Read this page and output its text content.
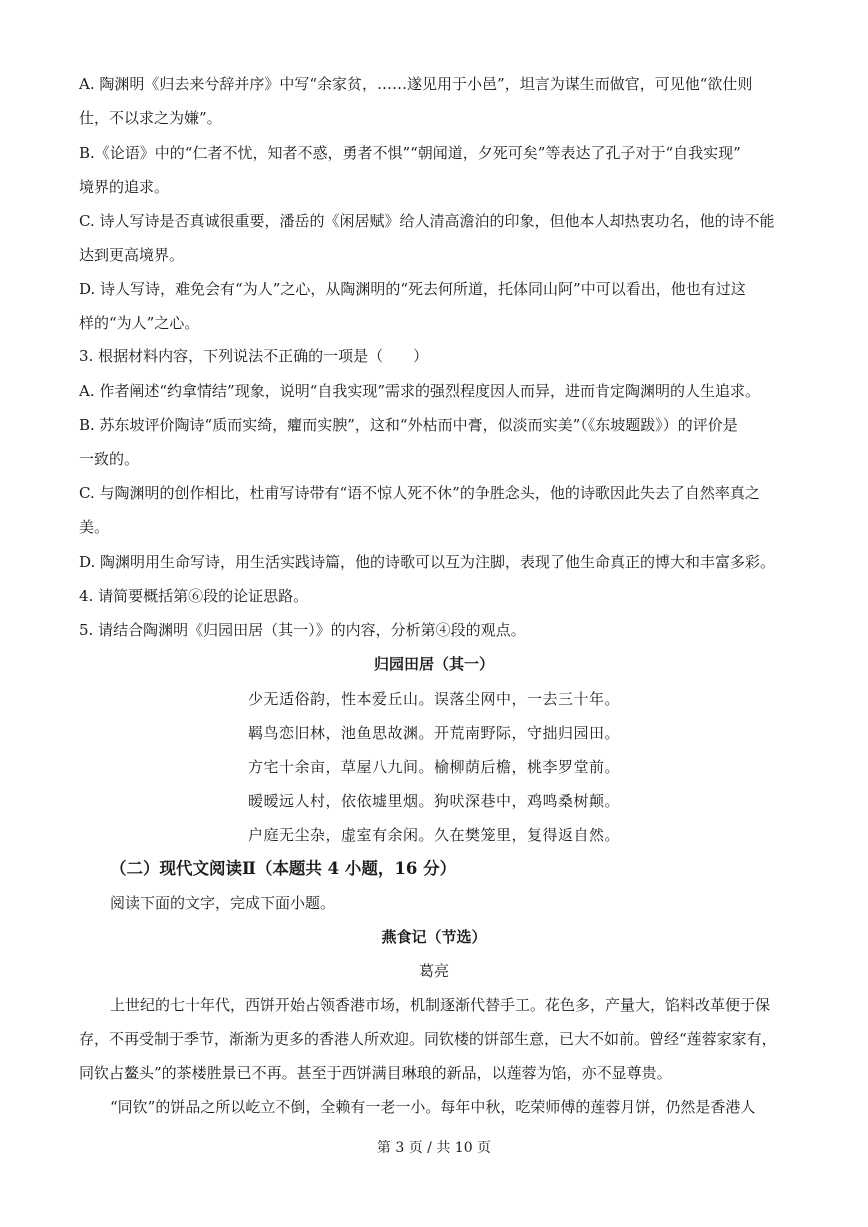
A. 陶渊明《归去来兮辞并序》中写“余家贫，……遂见用于小邑”，坦言为谋生而做官，可见他“欲仕则
仕，不以求之为嫌”。
B.《论语》中的“仁者不忧，知者不惑，勇者不惧”“朝闻道，夕死可矣”等表达了孔子对于“自我实现”
境界的追求。
C. 诗人写诗是否真诚很重要，潘岳的《闲居赋》给人清高澹泊的印象，但他本人却热衷功名，他的诗不能
达到更高境界。
D. 诗人写诗，难免会有“为人”之心，从陶渊明的“死去何所道，托体同山阿”中可以看出，他也有过这
样的“为人”之心。
3. 根据材料内容，下列说法不正确的一项是（　　）
A. 作者阐述“约拿情结”现象，说明“自我实现”需求的强烈程度因人而异，进而肯定陶渊明的人生追求。
B. 苏东坡评价陶诗“质而实绮，癯而实腴”，这和“外枯而中膏，似淡而实美”（《东坡题跋》）的评价是
一致的。
C. 与陶渊明的创作相比，杜甫写诗带有“语不惊人死不休”的争胜念头，他的诗歌因此失去了自然率真之
美。
D. 陶渊明用生命写诗，用生活实践诗篇，他的诗歌可以互为注脚，表现了他生命真正的博大和丰富多彩。
4. 请简要概括第⑥段的论证思路。
5. 请结合陶渊明《归园田居（其一）》的内容，分析第④段的观点。
归园田居（其一）
少无适俗韵，性本爱丘山。误落尘网中，一去三十年。
羁鸟恋旧林，池鱼思故渊。开荒南野际，守拙归园田。
方宅十余亩，草屋八九间。榆柳荫后檐，桃李罗堂前。
暧暧远人村，依依墟里烟。狗吠深巷中，鸡鸣桑树颠。
户庭无尘杂，虚室有余闲。久在樊笼里，复得返自然。
（二）现代文阅读Ⅱ（本题共 4 小题，16 分）
阅读下面的文字，完成下面小题。
燕食记（节选）
葛亮
上世纪的七十年代，西饼开始占领香港市场，机制逐渐代替手工。花色多，产量大，馅料改革便于保
存，不再受制于季节，渐渐为更多的香港人所欢迎。同钦楼的饼部生意，已大不如前。曾经“莲蓉家家有，
同钦占鳌头”的茶楼胜景已不再。甚至于西饼满目琳琅的新品，以莲蓉为馅，亦不显尊贵。
“同钦”的饼品之所以屹立不倒，全赖有一老一小。每年中秋，吃荣师傅的莲蓉月饼，仍然是香港人
第 3 页 / 共 10 页
